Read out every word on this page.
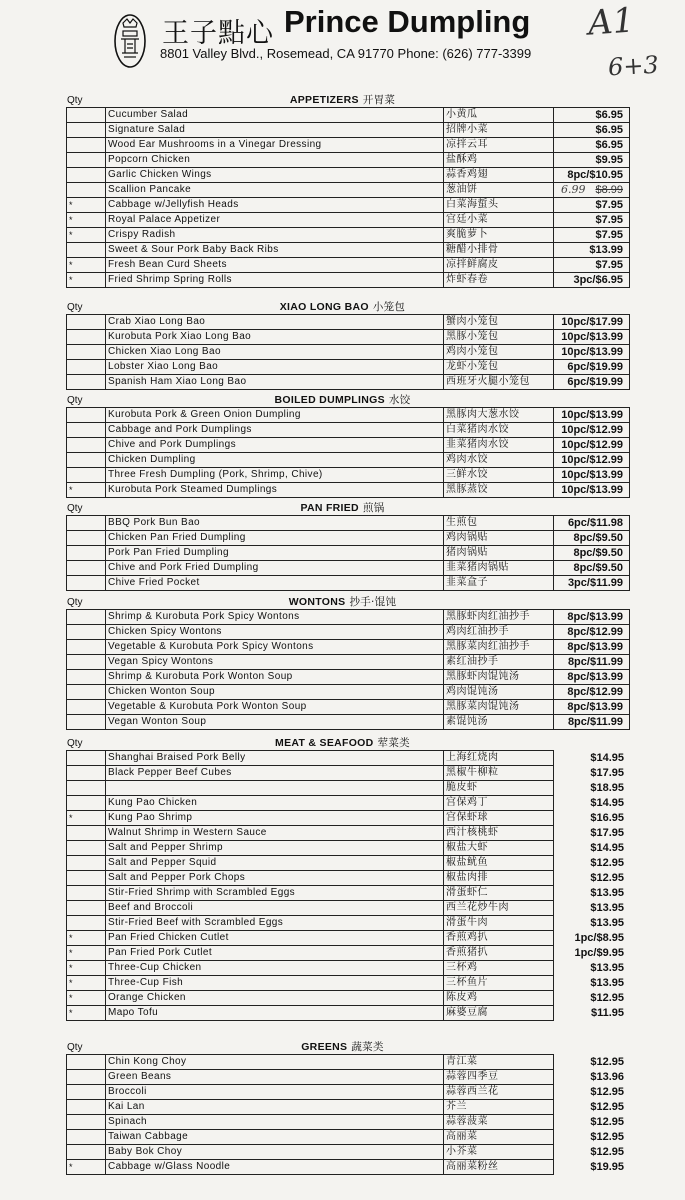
王子點心 Prince Dumpling
8801 Valley Blvd., Rosemead, CA 91770 Phone: (626) 777-3399
A1
6+3
Qty	APPETIZERS 开胃菜
	Cucumber Salad	小黄瓜	$6.95
	Signature Salad	招牌小菜	$6.95
	Wood Ear Mushrooms in a Vinegar Dressing	凉拌云耳	$6.95
	Popcorn Chicken	盐酥鸡	$9.95
	Garlic Chicken Wings	蒜香鸡翅	8pc/$10.95
	Scallion Pancake	葱油饼	6.99 $8.99
*	Cabbage w/Jellyfish Heads	白菜海蜇头	$7.95
*	Royal Palace Appetizer	宫廷小菜	$7.95
*	Crispy Radish	爽脆萝卜	$7.95
	Sweet & Sour Pork Baby Back Ribs	糖醋小排骨	$13.99
*	Fresh Bean Curd Sheets	凉拌鲜腐皮	$7.95
*	Fried Shrimp Spring Rolls	炸虾春卷	3pc/$6.95
Qty	XIAO LONG BAO 小笼包
	Crab Xiao Long Bao	蟹肉小笼包	10pc/$17.99
	Kurobuta Pork Xiao Long Bao	黑豚小笼包	10pc/$13.99
	Chicken Xiao Long Bao	鸡肉小笼包	10pc/$13.99
	Lobster Xiao Long Bao	龙虾小笼包	6pc/$19.99
	Spanish Ham Xiao Long Bao	西班牙火腿小笼包	6pc/$19.99
Qty	BOILED DUMPLINGS 水饺
	Kurobuta Pork & Green Onion Dumpling	黑豚肉大葱水饺	10pc/$13.99
	Cabbage and Pork Dumplings	白菜猪肉水饺	10pc/$12.99
	Chive and Pork Dumplings	韭菜猪肉水饺	10pc/$12.99
	Chicken Dumpling	鸡肉水饺	10pc/$12.99
	Three Fresh Dumpling (Pork, Shrimp, Chive)	三鲜水饺	10pc/$13.99
*	Kurobuta Pork Steamed Dumplings	黑豚蒸饺	10pc/$13.99
Qty	PAN FRIED 煎锅
	BBQ Pork Bun Bao	生煎包	6pc/$11.98
	Chicken Pan Fried Dumpling	鸡肉锅贴	8pc/$9.50
	Pork Pan Fried Dumpling	猪肉锅贴	8pc/$9.50
	Chive and Pork Fried Dumpling	韭菜猪肉锅贴	8pc/$9.50
	Chive Fried Pocket	韭菜盒子	3pc/$11.99
Qty	WONTONS 抄手·馄饨
	Shrimp & Kurobuta Pork Spicy Wontons	黑豚虾肉红油抄手	8pc/$13.99
	Chicken Spicy Wontons	鸡肉红油抄手	8pc/$12.99
	Vegetable & Kurobuta Pork Spicy Wontons	黑豚菜肉红油抄手	8pc/$13.99
	Vegan Spicy Wontons	素红油抄手	8pc/$11.99
	Shrimp & Kurobuta Pork Wonton Soup	黑豚虾肉馄饨汤	8pc/$13.99
	Chicken Wonton Soup	鸡肉馄饨汤	8pc/$12.99
	Vegetable & Kurobuta Pork Wonton Soup	黑豚菜肉馄饨汤	8pc/$13.99
	Vegan Wonton Soup	素馄饨汤	8pc/$11.99
Qty	MEAT & SEAFOOD 荤菜类
	Shanghai Braised Pork Belly	上海红烧肉	$14.95
	Black Pepper Beef Cubes	黑椒牛柳粒	$17.95
		脆皮虾	$18.95
	Kung Pao Chicken	宫保鸡丁	$14.95
*	Kung Pao Shrimp	宫保虾球	$16.95
	Walnut Shrimp in Western Sauce	西汁核桃虾	$17.95
	Salt and Pepper Shrimp	椒盐大虾	$14.95
	Salt and Pepper Squid	椒盐鱿鱼	$12.95
	Salt and Pepper Pork Chops	椒盐肉排	$12.95
	Stir-Fried Shrimp with Scrambled Eggs	滑蛋虾仁	$13.95
	Beef and Broccoli	西兰花炒牛肉	$13.95
	Stir-Fried Beef with Scrambled Eggs	滑蛋牛肉	$13.95
*	Pan Fried Chicken Cutlet	香煎鸡扒	1pc/$8.95
*	Pan Fried Pork Cutlet	香煎猪扒	1pc/$9.95
*	Three-Cup Chicken	三杯鸡	$13.95
*	Three-Cup Fish	三杯鱼片	$13.95
*	Orange Chicken	陈皮鸡	$12.95
*	Mapo Tofu	麻婆豆腐	$11.95
Qty	GREENS 蔬菜类
	Chin Kong Choy	青江菜	$12.95
	Green Beans	蒜蓉四季豆	$13.96
	Broccoli	蒜蓉西兰花	$12.95
	Kai Lan	芥兰	$12.95
	Spinach	蒜蓉菠菜	$12.95
	Taiwan Cabbage	高丽菜	$12.95
	Baby Bok Choy	小芥菜	$12.95
*	Cabbage w/Glass Noodle	高丽菜粉丝	$19.95
